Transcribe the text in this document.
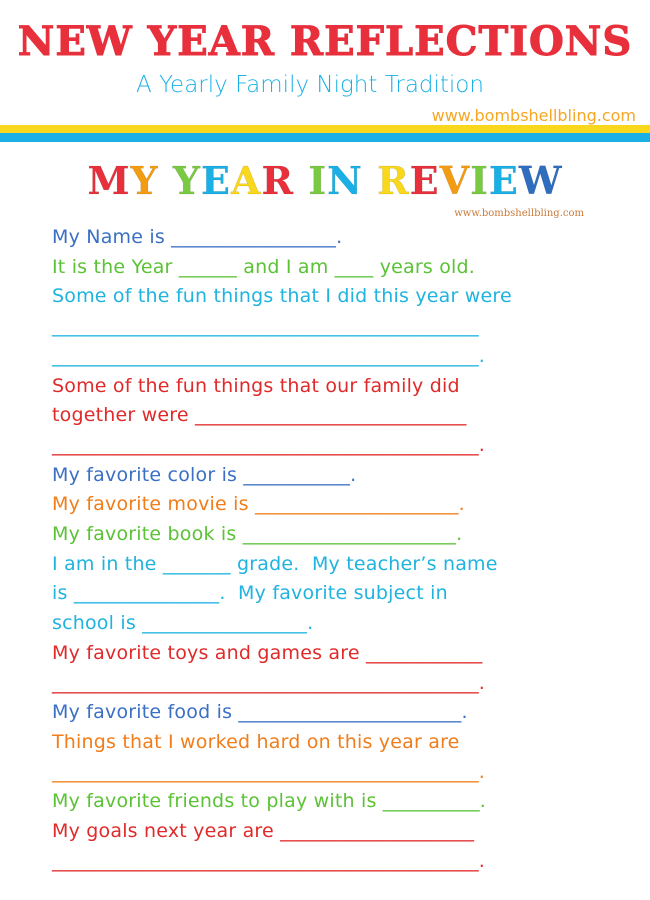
NEW YEAR REFLECTIONS
A Yearly Family Night Tradition
www.bombshellbling.com
MY YEAR IN REVIEW
www.bombshellbling.com
My Name is _________________.
It is the Year ______ and I am ____ years old.
Some of the fun things that I did this year were
____________________________________________
____________________________________________.
Some of the fun things that our family did
together were ____________________________
____________________________________________.
My favorite color is ___________.
My favorite movie is _____________________.
My favorite book is ______________________.
I am in the _______ grade.  My teacher’s name
is _______________.  My favorite subject in
school is _________________.
My favorite toys and games are ____________
____________________________________________.
My favorite food is _______________________.
Things that I worked hard on this year are
____________________________________________.
My favorite friends to play with is __________.
My goals next year are ____________________
____________________________________________.
